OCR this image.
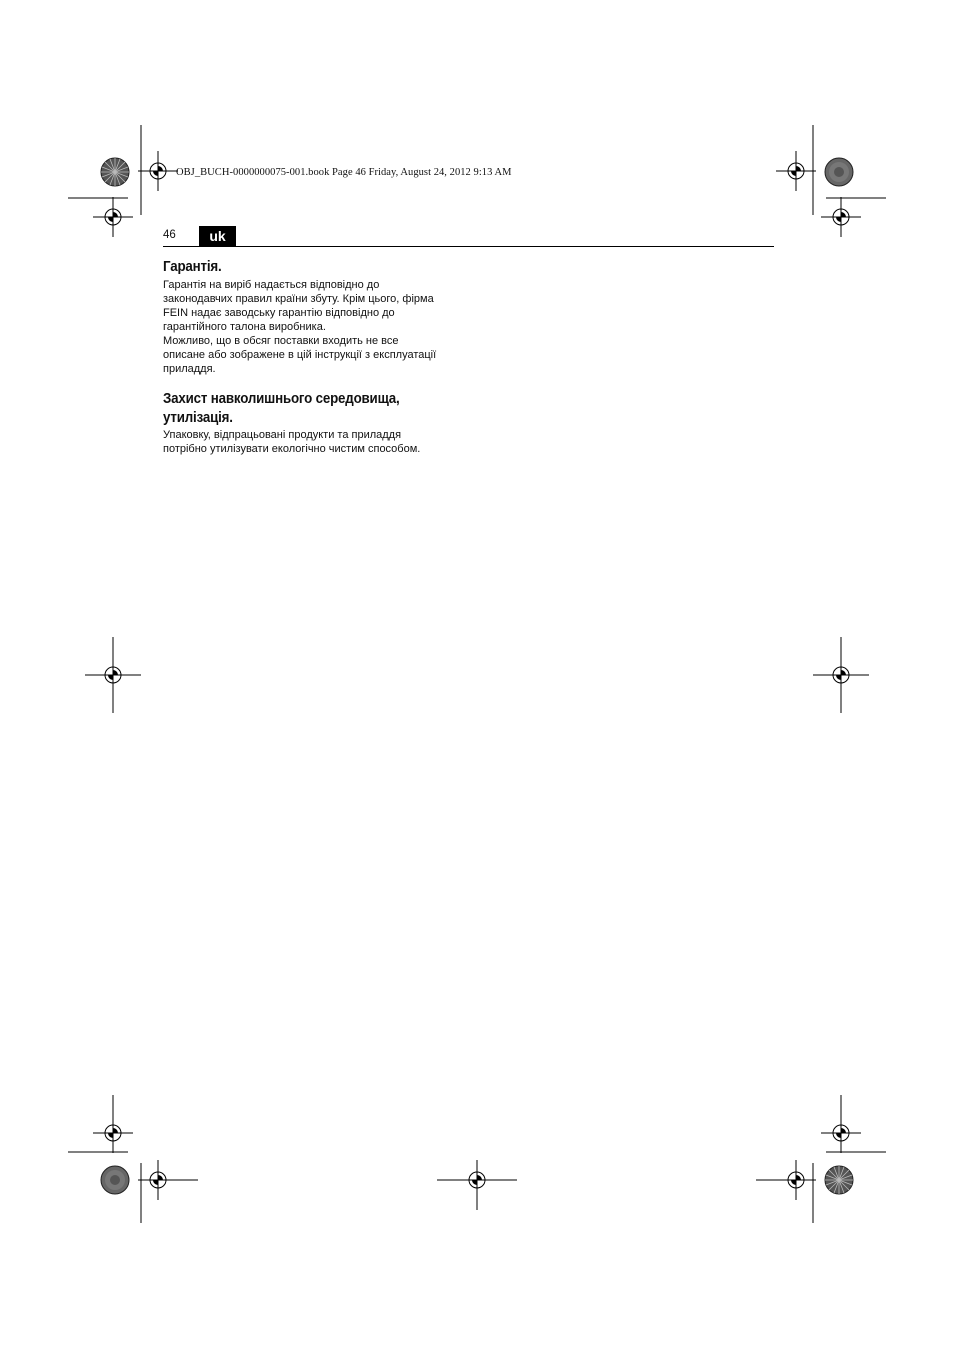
OBJ_BUCH-0000000075-001.book Page 46 Friday, August 24, 2012 9:13 AM
46	uk
Гарантія.
Гарантія на виріб надається відповідно до
законодавчих правил країни збуту. Крім цього, фірма
FEIN надає заводську гарантію відповідно до
гарантійного талона виробника.
Можливо, що в обсяг поставки входить не все
описане або зображене в цій інструкції з експлуатації
приладдя.
Захист навколишнього середовища,
утилізація.
Упаковку, відпрацьовані продукти та приладдя
потрібно утилізувати екологічно чистим способом.
